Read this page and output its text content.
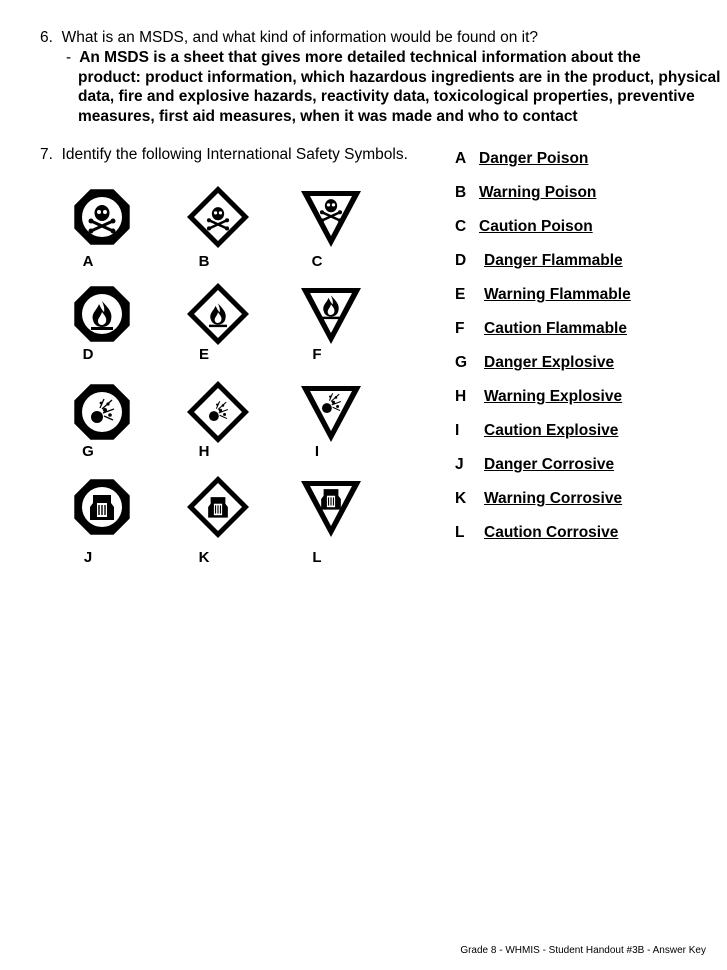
6. What is an MSDS, and what kind of information would be found on it?
- An MSDS is a sheet that gives more detailed technical information about the
product: product information, which hazardous ingredients are in the product, physical data, fire and explosive hazards, reactivity data, toxicological properties, preventive measures, first aid measures, when it was made and who to contact
7. Identify the following International Safety Symbols.
A	B	C
D	E	F
G	H	I
J	K	L
A Danger Poison
B Warning Poison
C Caution Poison
D Danger Flammable
E Warning Flammable
F Caution Flammable
G Danger Explosive
H Warning Explosive
I Caution Explosive
J Danger Corrosive
K Warning Corrosive
L Caution Corrosive
Grade 8 - WHMIS - Student Handout #3B - Answer Key
